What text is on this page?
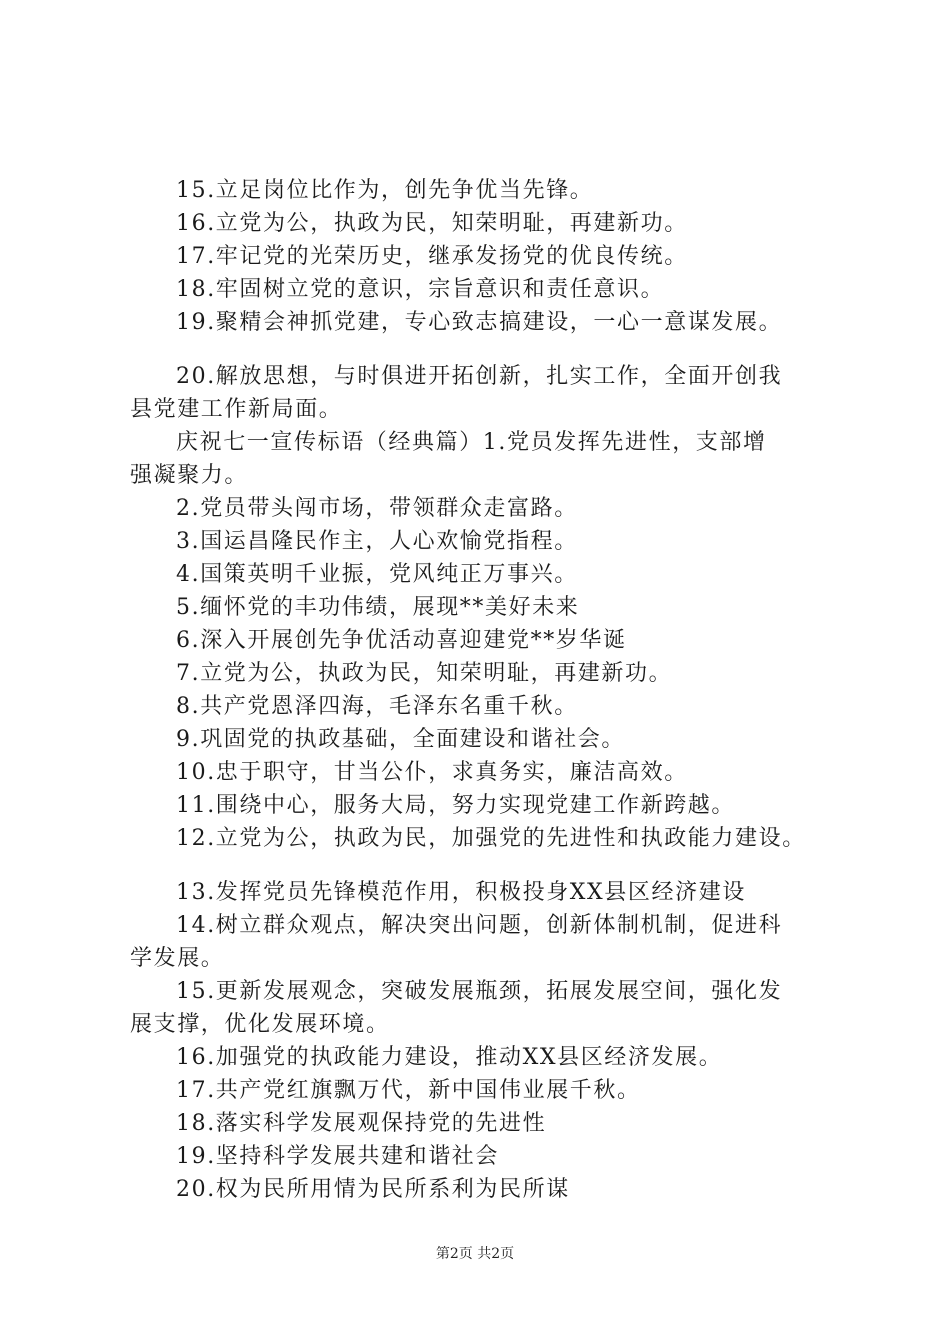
15.立足岗位比作为，创先争优当先锋。
16.立党为公，执政为民，知荣明耻，再建新功。
17.牢记党的光荣历史，继承发扬党的优良传统。
18.牢固树立党的意识，宗旨意识和责任意识。
19.聚精会神抓党建，专心致志搞建设，一心一意谋发展。
20.解放思想，与时俱进开拓创新，扎实工作，全面开创我
县党建工作新局面。
庆祝七一宣传标语（经典篇）1.党员发挥先进性，支部增
强凝聚力。
2.党员带头闯市场，带领群众走富路。
3.国运昌隆民作主，人心欢愉党指程。
4.国策英明千业振，党风纯正万事兴。
5.缅怀党的丰功伟绩，展现**美好未来
6.深入开展创先争优活动喜迎建党**岁华诞
7.立党为公，执政为民，知荣明耻，再建新功。
8.共产党恩泽四海，毛泽东名重千秋。
9.巩固党的执政基础，全面建设和谐社会。
10.忠于职守，甘当公仆，求真务实，廉洁高效。
11.围绕中心，服务大局，努力实现党建工作新跨越。
12.立党为公，执政为民，加强党的先进性和执政能力建设。
13.发挥党员先锋模范作用，积极投身XX县区经济建设
14.树立群众观点，解决突出问题，创新体制机制，促进科
学发展。
15.更新发展观念，突破发展瓶颈，拓展发展空间，强化发
展支撑，优化发展环境。
16.加强党的执政能力建设，推动XX县区经济发展。
17.共产党红旗飘万代，新中国伟业展千秋。
18.落实科学发展观保持党的先进性
19.坚持科学发展共建和谐社会
20.权为民所用情为民所系利为民所谋
第2页 共2页
